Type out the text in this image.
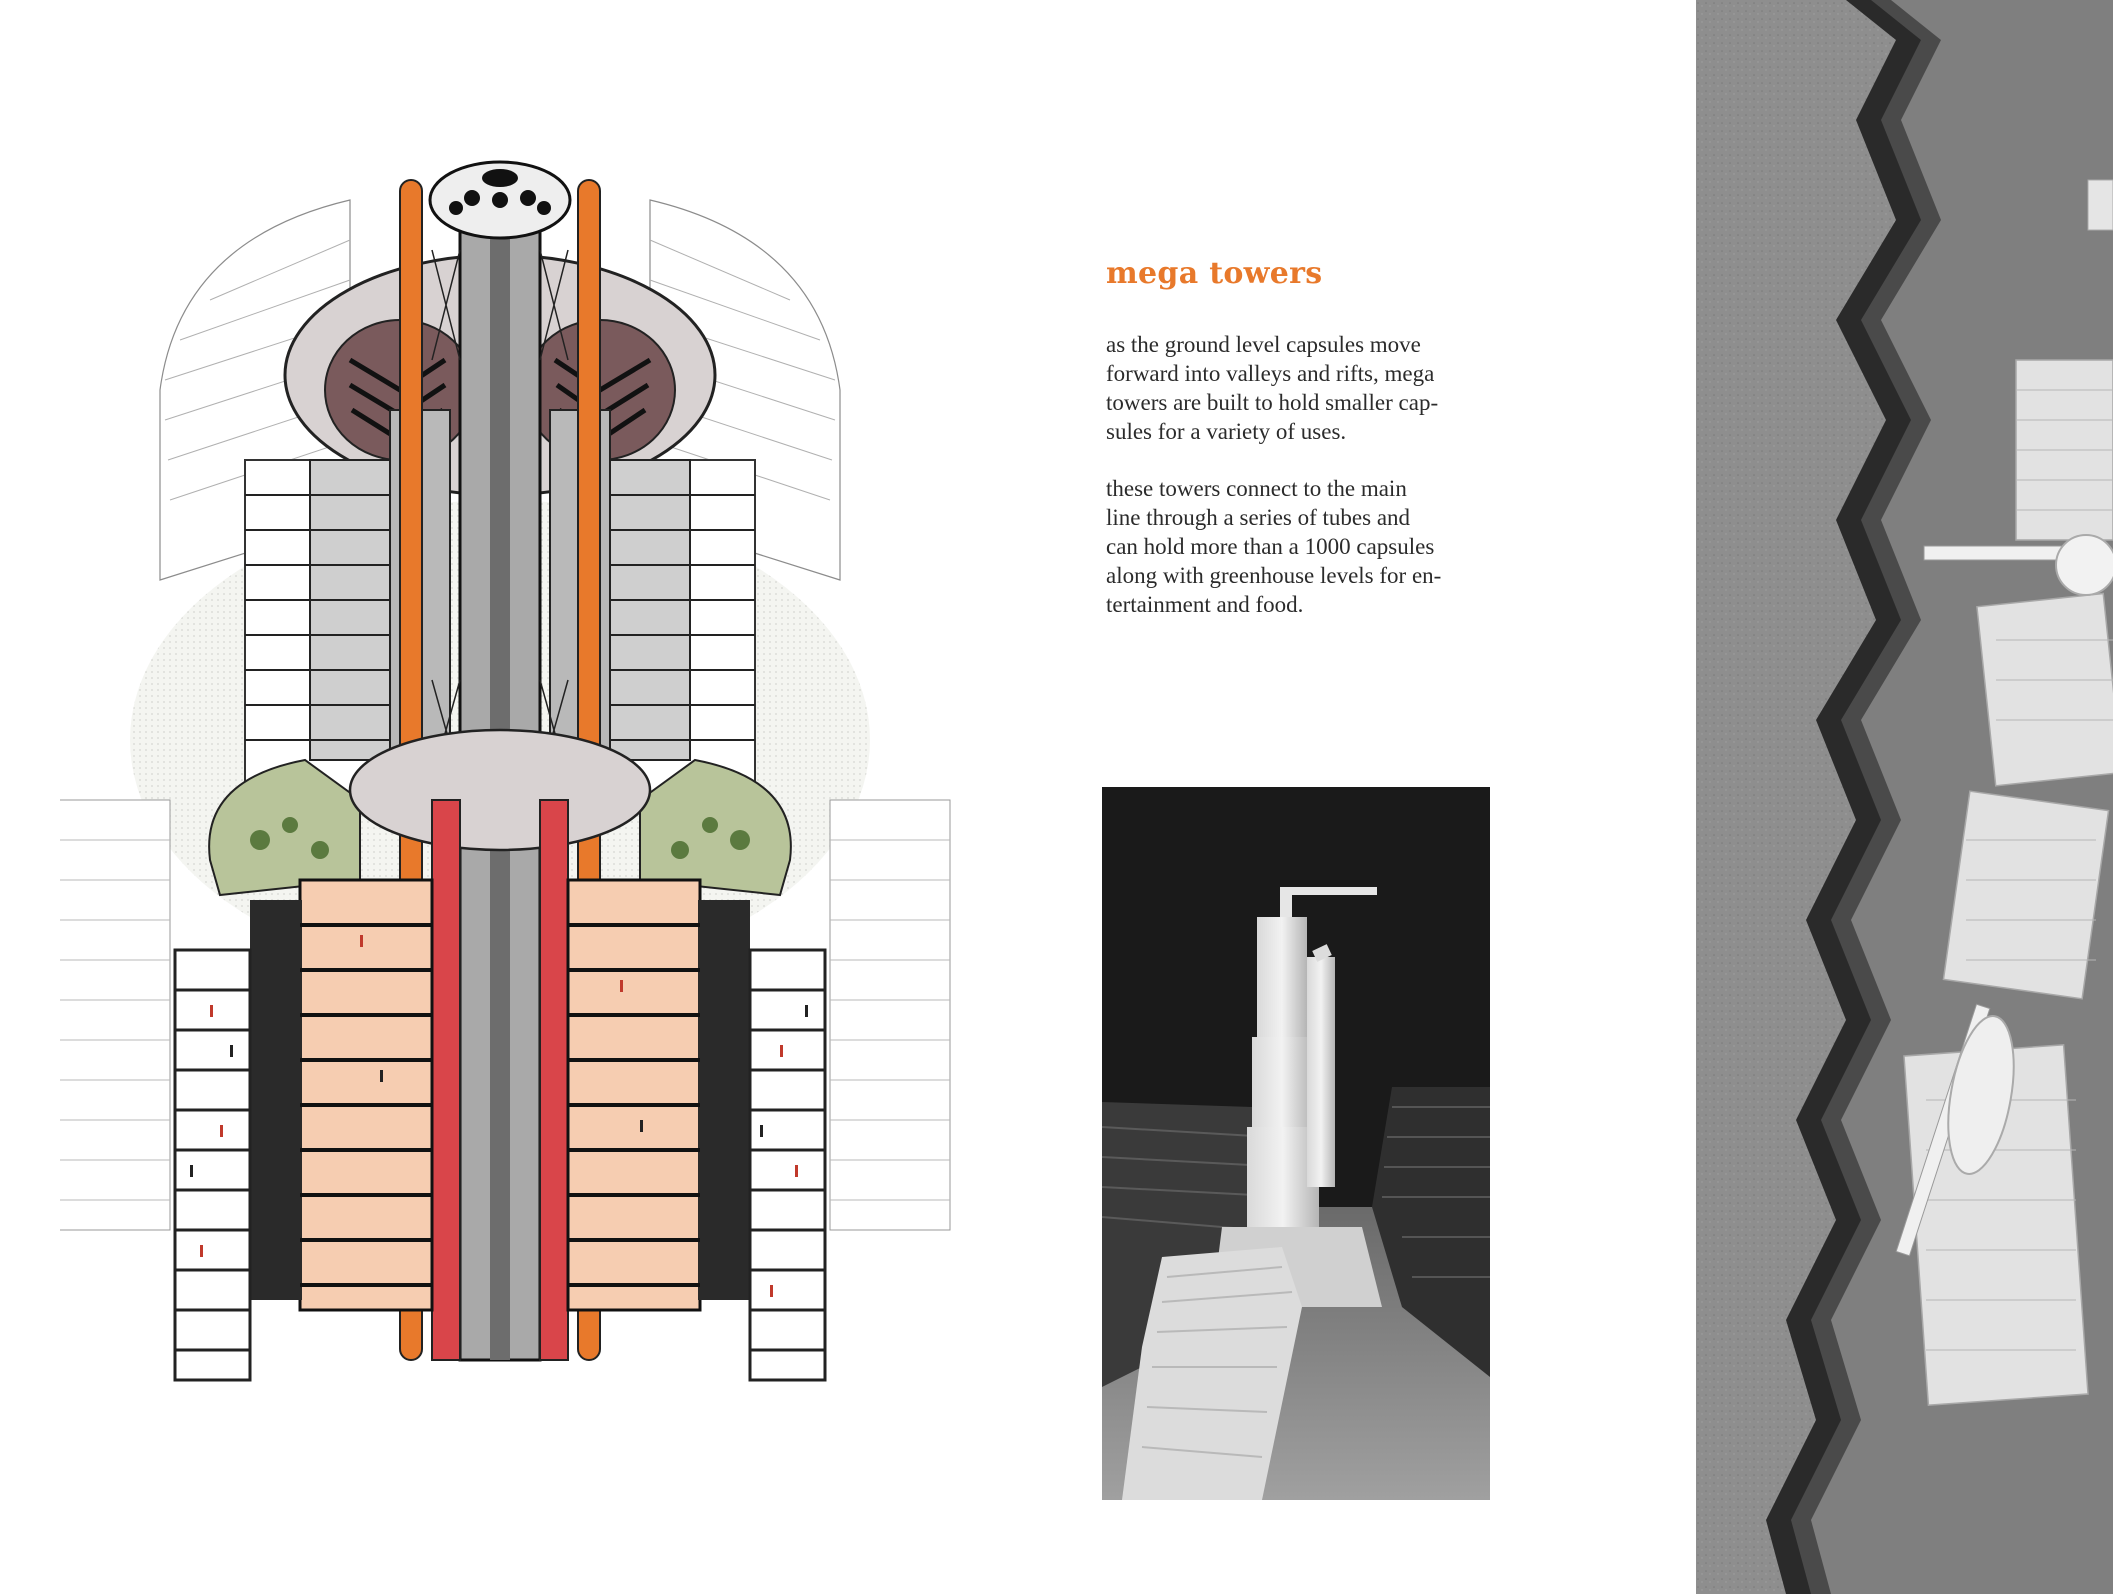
mega towers

as the ground level capsules move
forward into valleys and rifts, mega
towers are built to hold smaller cap-
sules for a variety of uses.

these towers connect to the main
line through a series of tubes and
can hold more than a 1000 capsules
along with greenhouse levels for en-
tertainment and food.
